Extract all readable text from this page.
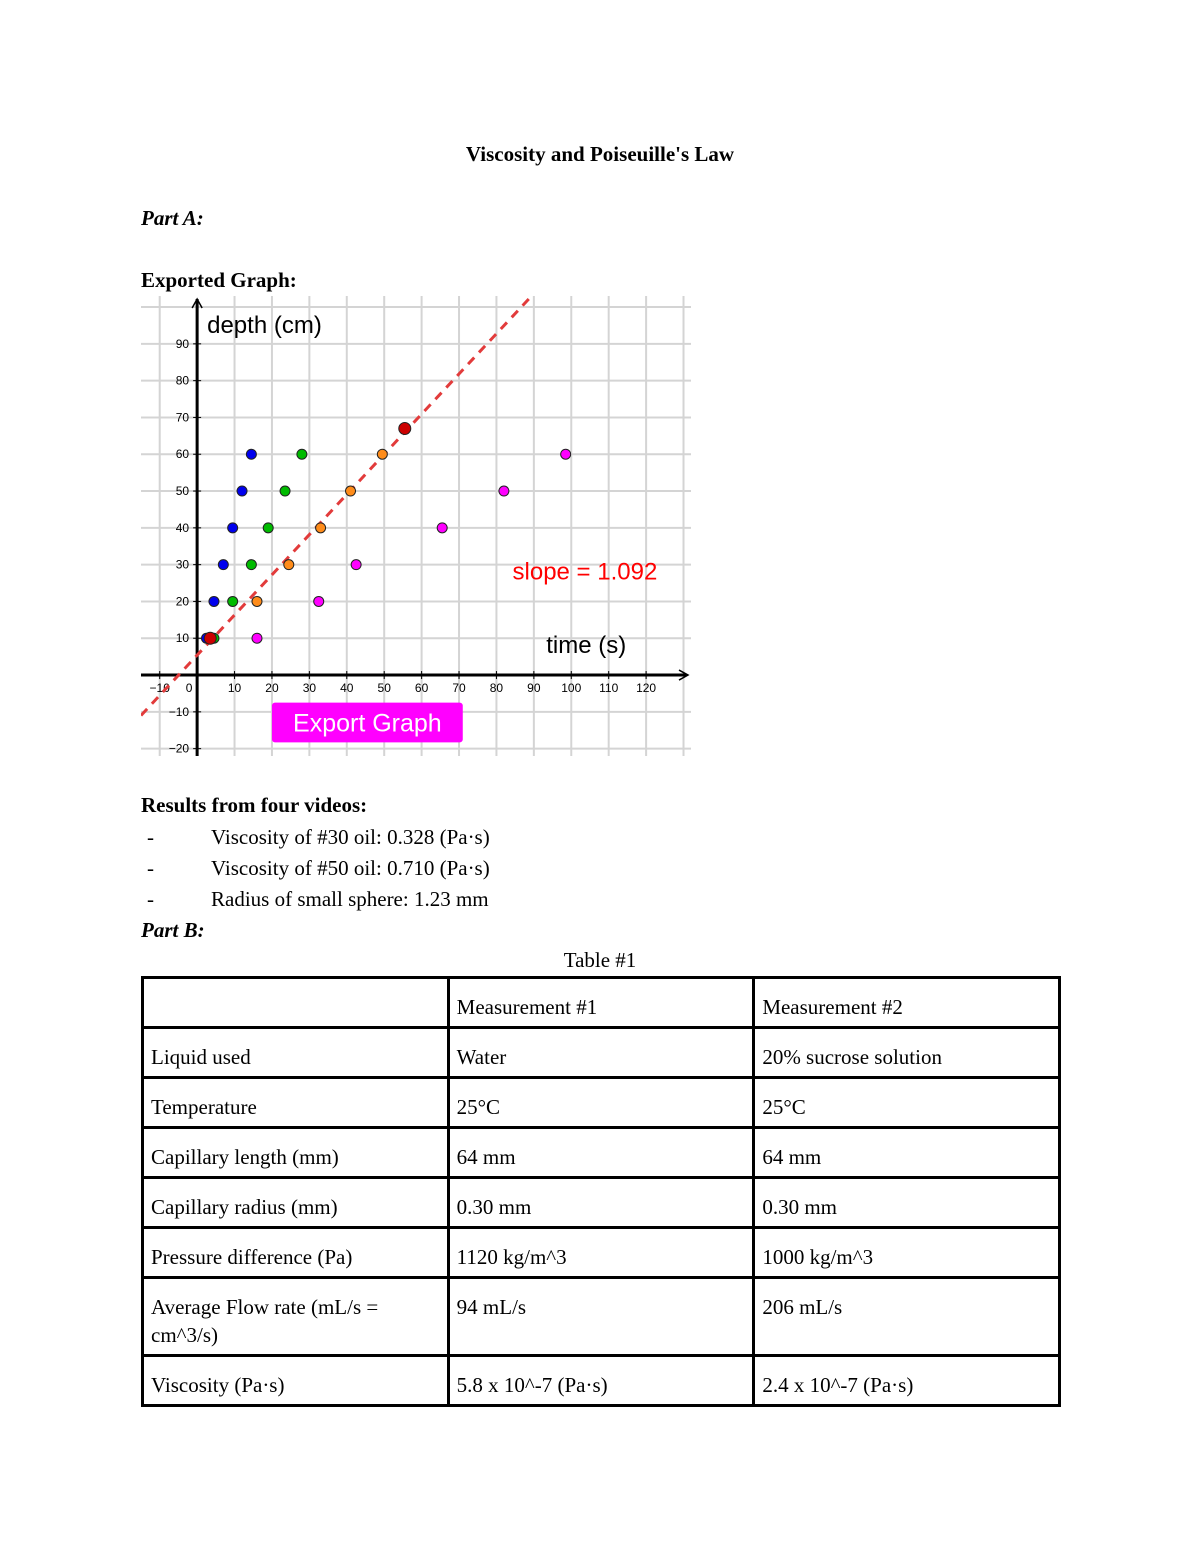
Viscosity and Poiseuille's Law
Part A:
Exported Graph:
−10 0	10 20 30 40 50 60 70 80 90 100 110 120
−20
−10
10
20
30
40
50
60
70
80
90
depth (cm)
time (s)
slope = 1.092
Export Graph
Results from four videos:
-	Viscosity of #30 oil: 0.328 (Pa·s)
-	Viscosity of #50 oil: 0.710 (Pa·s)
-	Radius of small sphere: 1.23 mm
Part B:
Table #1
	Measurement #1	Measurement #2
Liquid used	Water	20% sucrose solution
Temperature	25°C	25°C
Capillary length (mm)	64 mm	64 mm
Capillary radius (mm)	0.30 mm	0.30 mm
Pressure difference (Pa)	1120 kg/m^3	1000 kg/m^3
Average Flow rate (mL/s = cm^3/s)	94 mL/s	206 mL/s
Viscosity (Pa·s)	5.8 x 10^-7 (Pa·s)	2.4 x 10^-7 (Pa·s)
